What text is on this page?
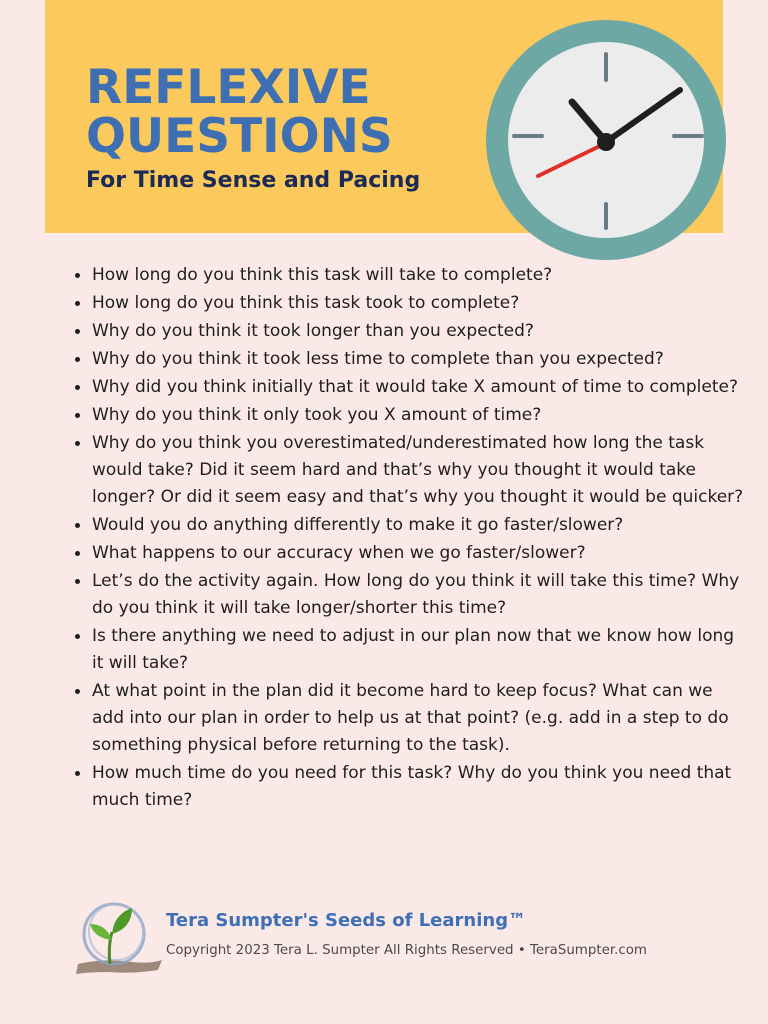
REFLEXIVE
QUESTIONS
For Time Sense and Pacing
• How long do you think this task will take to complete?
• How long do you think this task took to complete?
• Why do you think it took longer than you expected?
• Why do you think it took less time to complete than you expected?
• Why did you think initially that it would take X amount of time to complete?
• Why do you think it only took you X amount of time?
• Why do you think you overestimated/underestimated how long the task would take? Did it seem hard and that’s why you thought it would take longer? Or did it seem easy and that’s why you thought it would be quicker?
• Would you do anything differently to make it go faster/slower?
• What happens to our accuracy when we go faster/slower?
• Let’s do the activity again. How long do you think it will take this time? Why do you think it will take longer/shorter this time?
• Is there anything we need to adjust in our plan now that we know how long it will take?
• At what point in the plan did it become hard to keep focus? What can we add into our plan in order to help us at that point? (e.g. add in a step to do something physical before returning to the task).
• How much time do you need for this task? Why do you think you need that much time?

Tera Sumpter's Seeds of Learning™

Copyright 2023 Tera L. Sumpter All Rights Reserved • TeraSumpter.com
